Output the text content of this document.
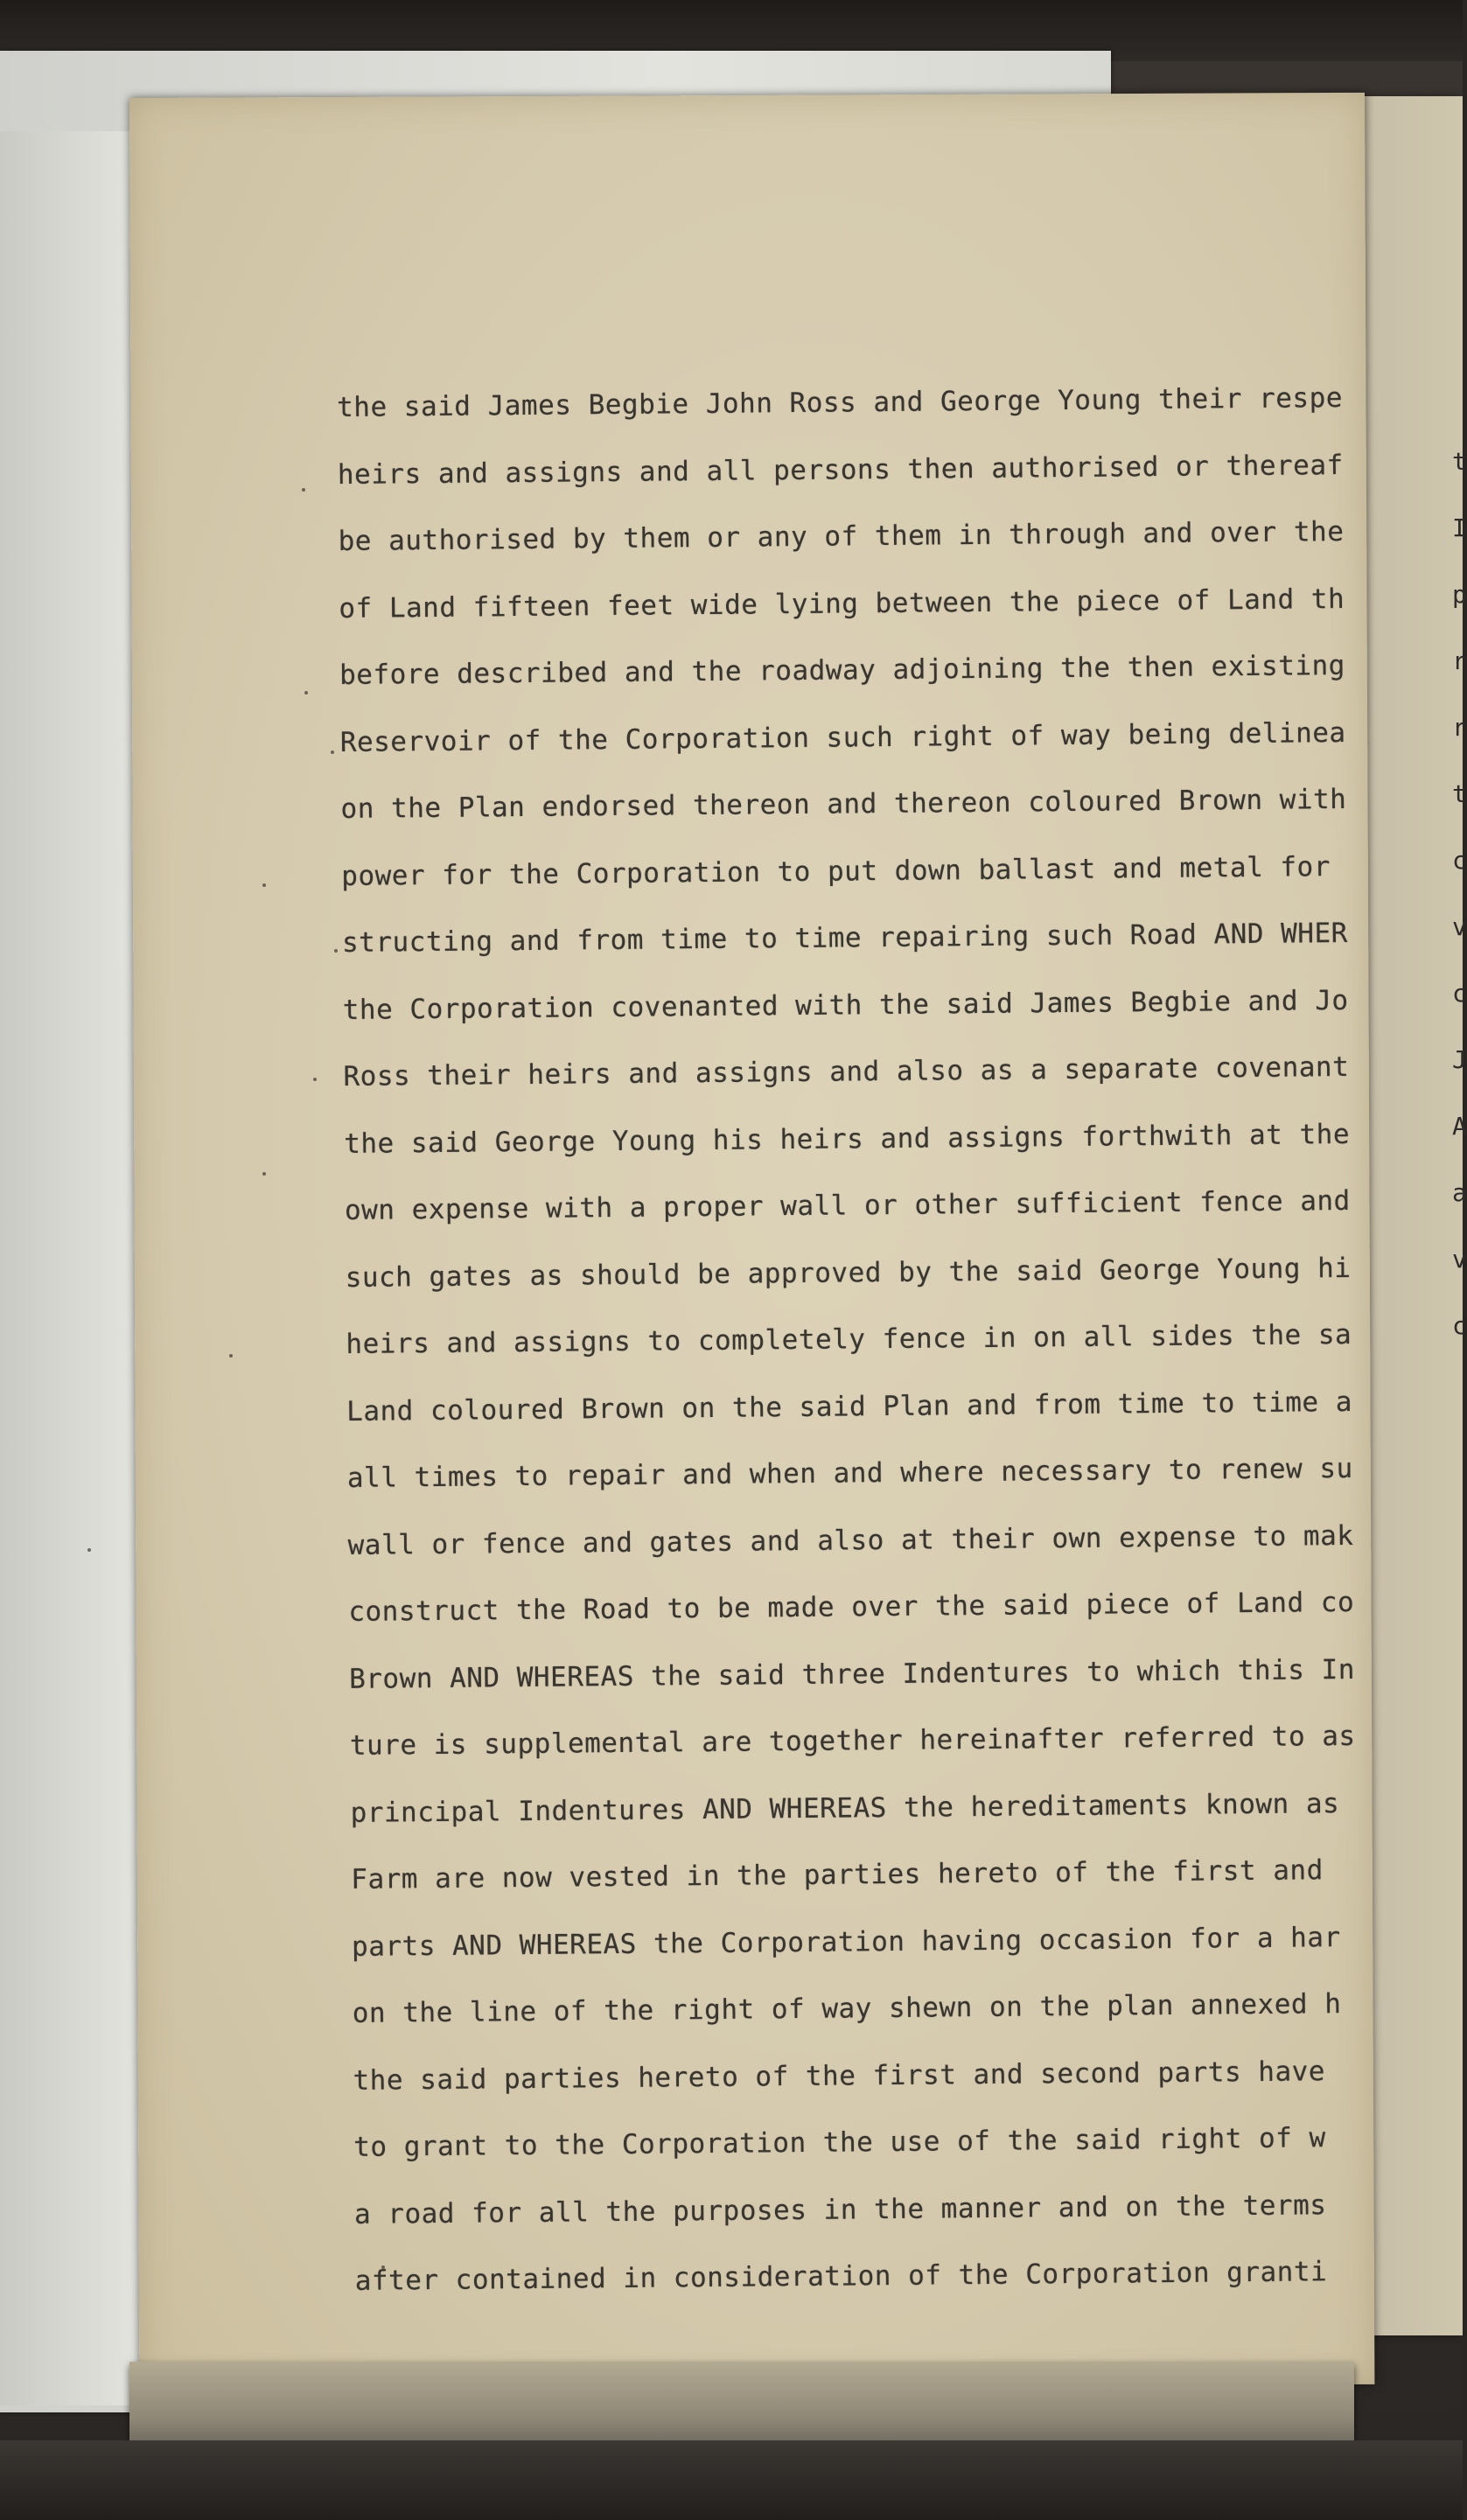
t
I
p
r
r
t
c
v
c
J
A
a
v
c
the said James Begbie John Ross and George Young their respe
heirs and assigns and all persons then authorised or thereaf
be authorised by them or any of them in through and over the
of Land fifteen feet wide lying between the piece of Land th
before described and the roadway adjoining the then existing
Reservoir of the Corporation such right of way being delinea
on the Plan endorsed thereon and thereon coloured Brown with
power for the Corporation to put down ballast and metal for
structing and from time to time repairing such Road AND WHER
the Corporation covenanted with the said James Begbie and Jo
Ross their heirs and assigns and also as a separate covenant
the said George Young his heirs and assigns forthwith at the
own expense with a proper wall or other sufficient fence and
such gates as should be approved by the said George Young hi
heirs and assigns to completely fence in on all sides the sa
Land coloured Brown on the said Plan and from time to time a
all times to repair and when and where necessary to renew su
wall or fence and gates and also at their own expense to mak
construct the Road to be made over the said piece of Land co
Brown AND WHEREAS the said three Indentures to which this In
ture is supplemental are together hereinafter referred to as
principal Indentures AND WHEREAS the hereditaments known as
Farm are now vested in the parties hereto of the first and
parts AND WHEREAS the Corporation having occasion for a har
on the line of the right of way shewn on the plan annexed h
the said parties hereto of the first and second parts have
to grant to the Corporation the use of the said right of w
a road for all the purposes in the manner and on the terms
after contained in consideration of the Corporation granti
